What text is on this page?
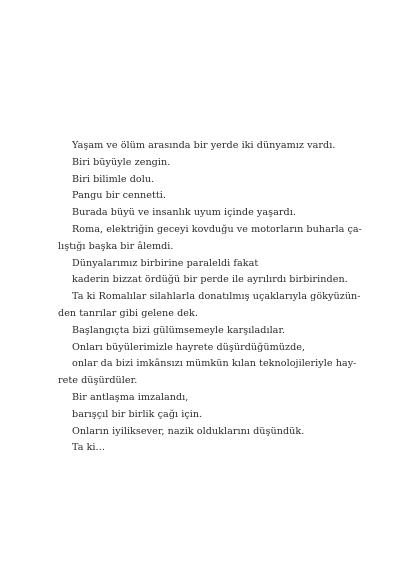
Yaşam ve ölüm arasında bir yerde iki dünyamız vardı.
Biri büyüyle zengin.
Biri bilimle dolu.
Pangu bir cennetti.
Burada büyü ve insanlık uyum içinde yaşardı.
Roma, elektriğin geceyi kovduğu ve motorların buharla ça-
lıştığı başka bir âlemdi.
Dünyalarımız birbirine paraleldi fakat
kaderin bizzat ördüğü bir perde ile ayrılırdı birbirinden.
Ta ki Romalılar silahlarla donatılmış uçaklarıyla gökyüzün-
den tanrılar gibi gelene dek.
Başlangıçta bizi gülümsemeyle karşıladılar.
Onları büyülerimizle hayrete düşürdüğümüzde,
onlar da bizi imkânsızı mümkün kılan teknolojileriyle hay-
rete düşürdüler.
Bir antlaşma imzalandı,
barışçıl bir birlik çağı için.
Onların iyiliksever, nazik olduklarını düşündük.
Ta ki…
